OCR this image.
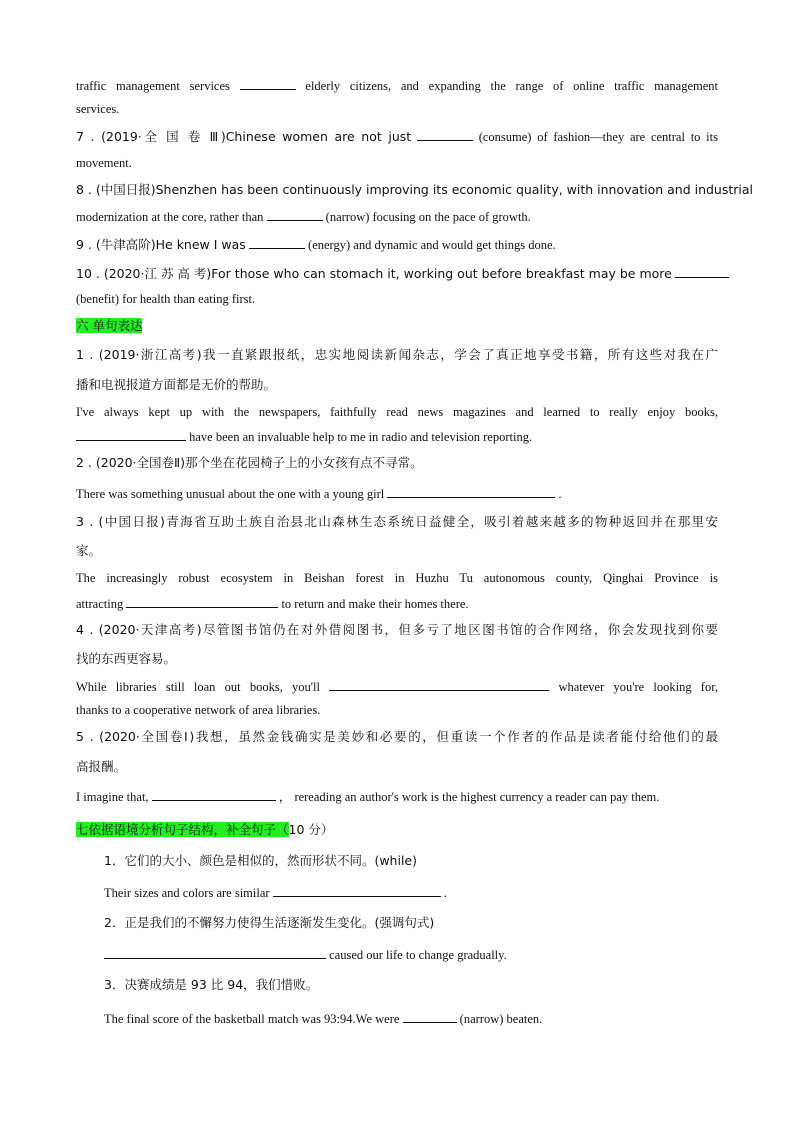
traffic management services	elderly citizens, and expanding the range of online traffic management
services.
7 . (2019·全 国 卷 Ⅲ)Chinese women are not just	(consume) of fashion—they are central to its
movement.
8 . (中国日报)Shenzhen has been continuously improving its economic quality, with innovation and industrial
modernization at the core, rather than	(narrow) focusing on the pace of growth.
9 . (牛津高阶)He knew I was	(energy) and dynamic and would get things done.
10 . (2020·江 苏 高 考)For those who can stomach it, working out before breakfast may be more
(benefit) for health than eating first.
六 单句表达
1 . (2019·浙江高考)我一直紧跟报纸，忠实地阅读新闻杂志，学会了真正地享受书籍，所有这些对我在广
播和电视报道方面都是无价的帮助。
I've always kept up with the newspapers, faithfully read news magazines and learned to really enjoy books,
have been an invaluable help to me in radio and television reporting.
2 . (2020·全国卷Ⅱ)那个坐在花园椅子上的小女孩有点不寻常。
There was something unusual about the one with a young girl	.
3 . (中国日报)青海省互助土族自治县北山森林生态系统日益健全，吸引着越来越多的物种返回并在那里安
家。
The increasingly robust ecosystem in Beishan forest in Huzhu Tu autonomous county, Qinghai Province is
attracting	to return and make their homes there.
4 . (2020·天津高考)尽管图书馆仍在对外借阅图书，但多亏了地区图书馆的合作网络，你会发现找到你要
找的东西更容易。
While libraries still loan out books, you'll	whatever you're looking for,
thanks to a cooperative network of area libraries.
5 . (2020·全国卷Ⅰ)我想，虽然金钱确实是美妙和必要的，但重读一个作者的作品是读者能付给他们的最
高报酬。
I imagine that,	， rereading an author's work is the highest currency a reader can pay them.
七依据语境分析句子结构，补全句子（10 分）
1．它们的大小、颜色是相似的，然而形状不同。(while)
Their sizes and colors are similar	.
2．正是我们的不懈努力使得生活逐渐发生变化。(强调句式)
caused our life to change gradually.
3．决赛成绩是 93 比 94，我们惜败。
The final score of the basketball match was 93:94.We were	(narrow) beaten.
